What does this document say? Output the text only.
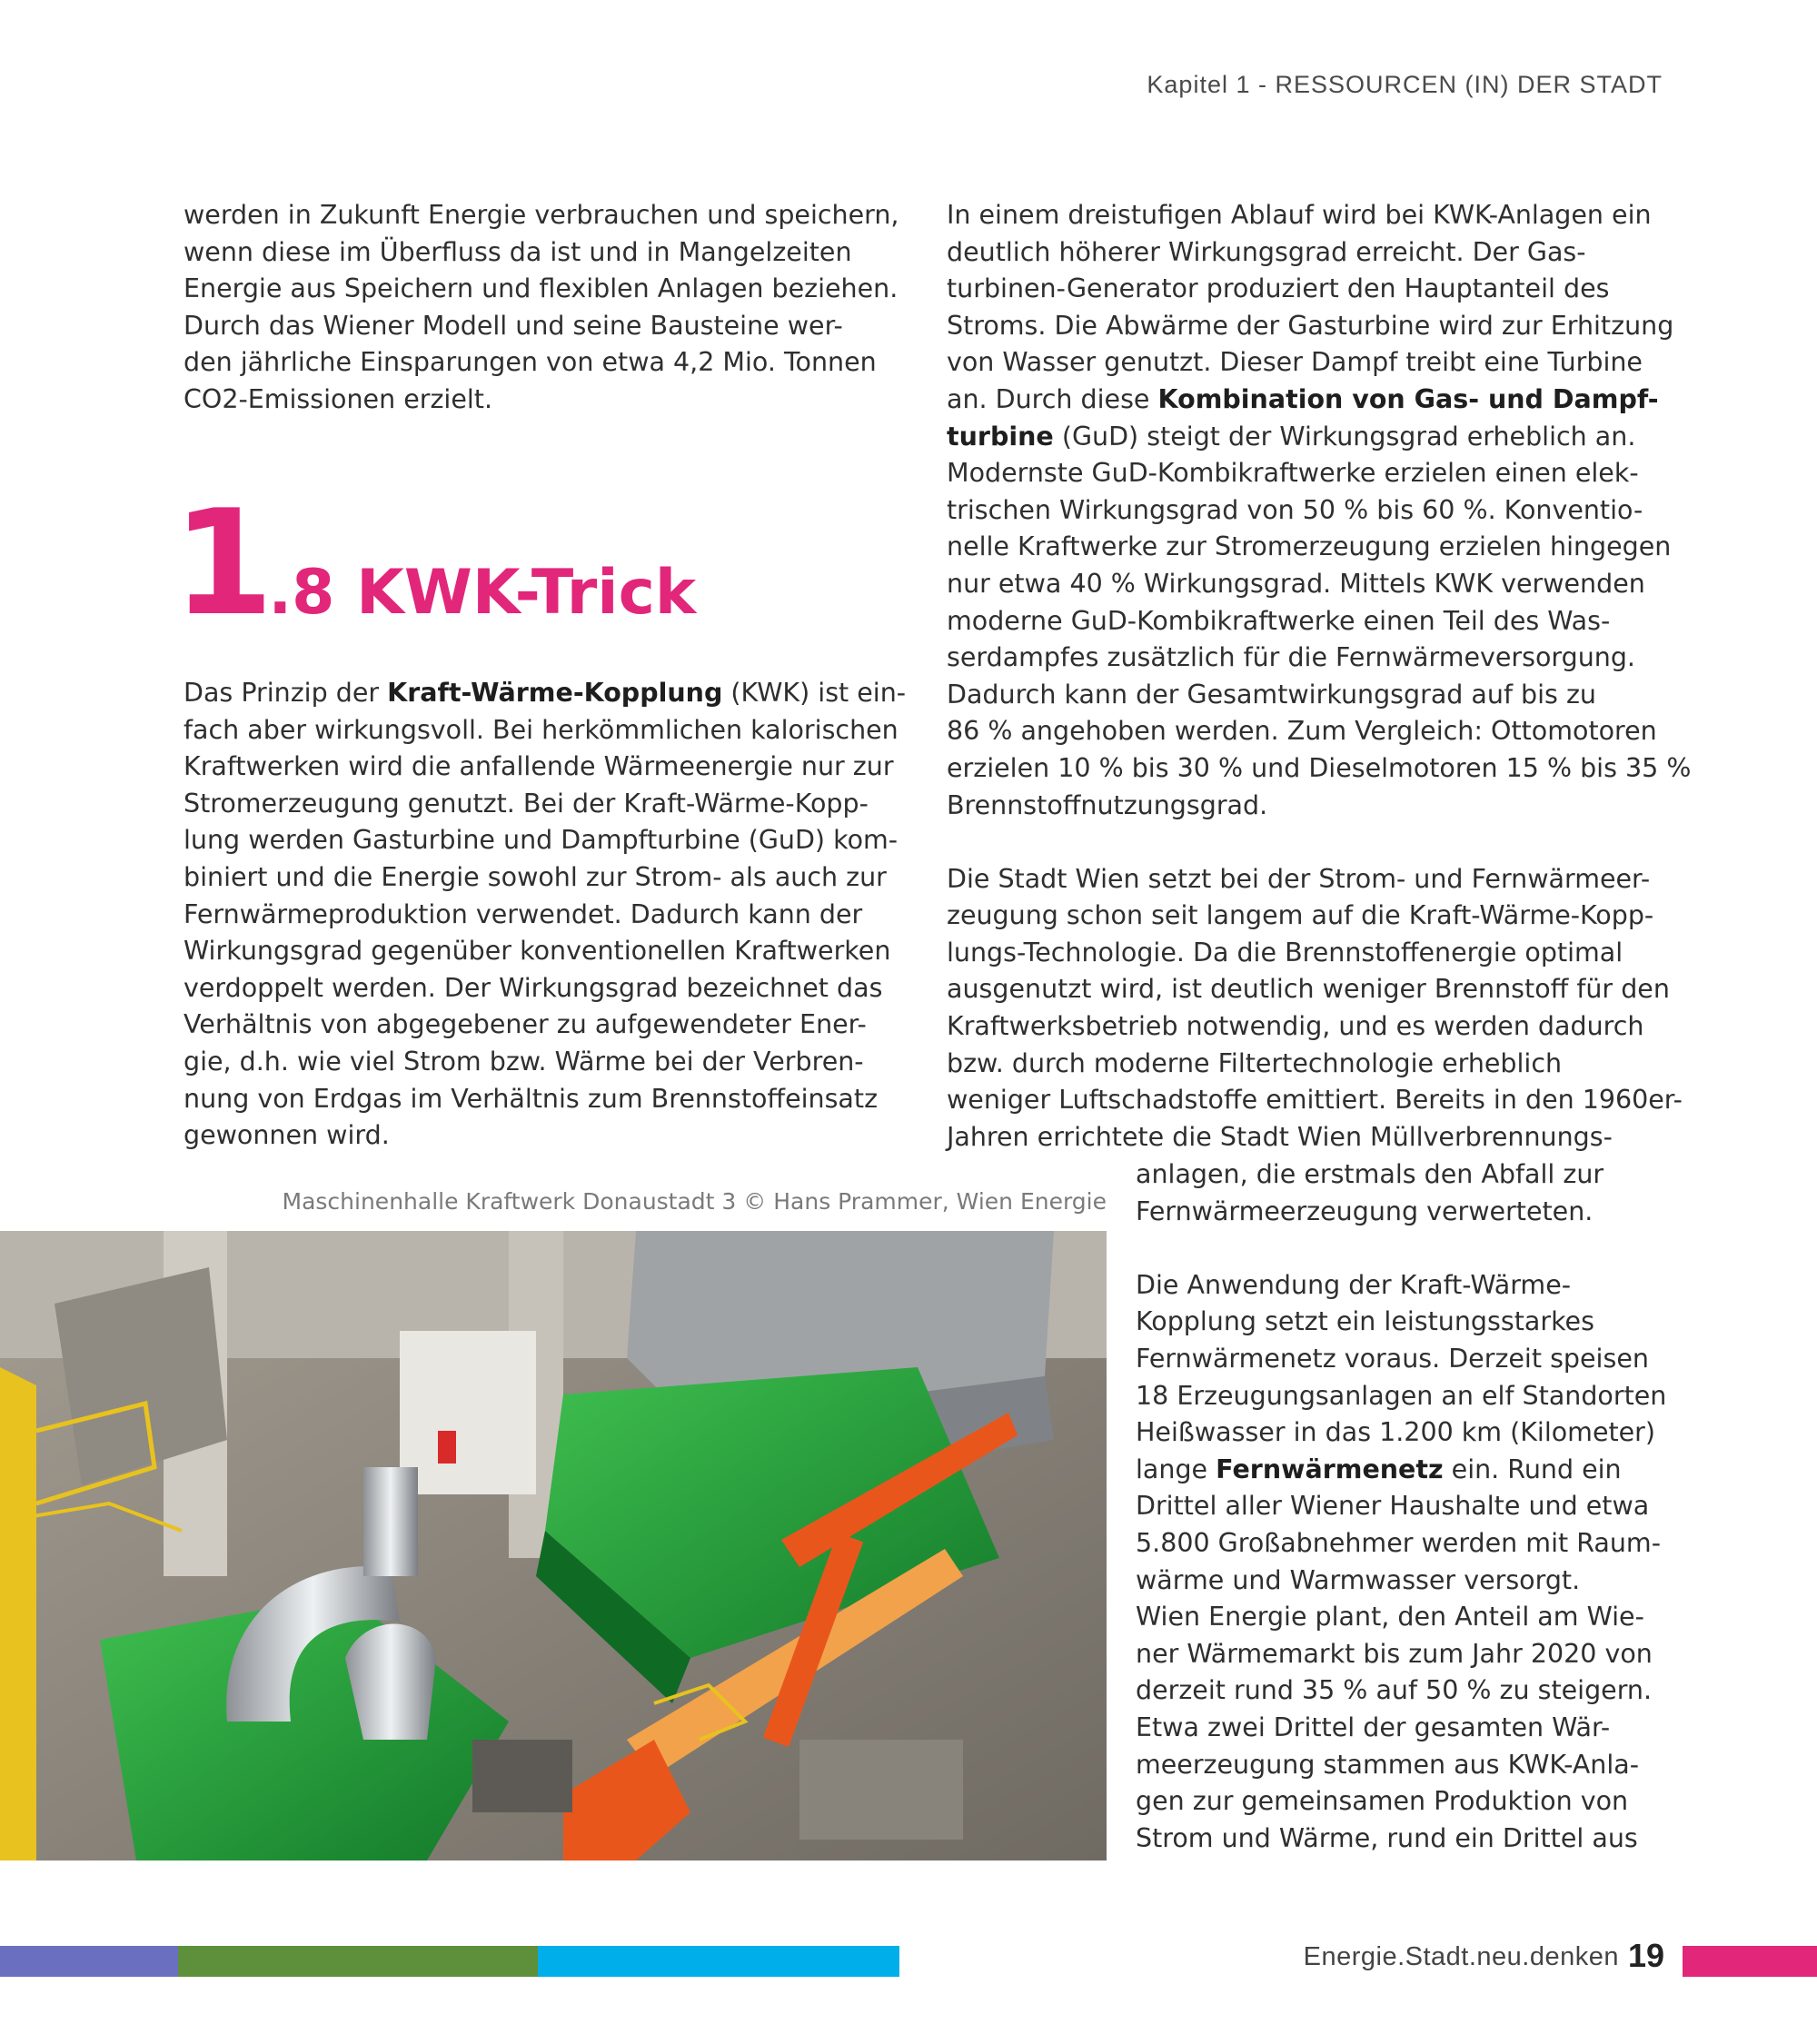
Kapitel 1 - RESSOURCEN (IN) DER STADT
werden in Zukunft Energie verbrauchen und speichern,
wenn diese im Überfluss da ist und in Mangelzeiten
Energie aus Speichern und flexiblen Anlagen beziehen.
Durch das Wiener Modell und seine Bausteine wer-
den jährliche Einsparungen von etwa 4,2 Mio. Tonnen
CO2-Emissionen erzielt.
1.8 KWK-Trick
Das Prinzip der Kraft-Wärme-Kopplung (KWK) ist ein-
fach aber wirkungsvoll. Bei herkömmlichen kalorischen
Kraftwerken wird die anfallende Wärmeenergie nur zur
Stromerzeugung genutzt. Bei der Kraft-Wärme-Kopp-
lung werden Gasturbine und Dampfturbine (GuD) kom-
biniert und die Energie sowohl zur Strom- als auch zur
Fernwärmeproduktion verwendet. Dadurch kann der
Wirkungsgrad gegenüber konventionellen Kraftwerken
verdoppelt werden. Der Wirkungsgrad bezeichnet das
Verhältnis von abgegebener zu aufgewendeter Ener-
gie, d.h. wie viel Strom bzw. Wärme bei der Verbren-
nung von Erdgas im Verhältnis zum Brennstoffeinsatz
gewonnen wird.
In einem dreistufigen Ablauf wird bei KWK-Anlagen ein
deutlich höherer Wirkungsgrad erreicht. Der Gas-
turbinen-Generator produziert den Hauptanteil des
Stroms. Die Abwärme der Gasturbine wird zur Erhitzung
von Wasser genutzt. Dieser Dampf treibt eine Turbine
an. Durch diese Kombination von Gas- und Dampf-
turbine (GuD) steigt der Wirkungsgrad erheblich an.
Modernste GuD-Kombikraftwerke erzielen einen elek-
trischen Wirkungsgrad von 50 % bis 60 %. Konventio-
nelle Kraftwerke zur Stromerzeugung erzielen hingegen
nur etwa 40 % Wirkungsgrad. Mittels KWK verwenden
moderne GuD-Kombikraftwerke einen Teil des Was-
serdampfes zusätzlich für die Fernwärmeversorgung.
Dadurch kann der Gesamtwirkungsgrad auf bis zu
86 % angehoben werden. Zum Vergleich: Ottomotoren
erzielen 10 % bis 30 % und Dieselmotoren 15 % bis 35 %
Brennstoffnutzungsgrad.
Die Stadt Wien setzt bei der Strom- und Fernwärmeer-
zeugung schon seit langem auf die Kraft-Wärme-Kopp-
lungs-Technologie. Da die Brennstoffenergie optimal
ausgenutzt wird, ist deutlich weniger Brennstoff für den
Kraftwerksbetrieb notwendig, und es werden dadurch
bzw. durch moderne Filtertechnologie erheblich
weniger Luftschadstoffe emittiert. Bereits in den 1960er-
Jahren errichtete die Stadt Wien Müllverbrennungs-
anlagen, die erstmals den Abfall zur
Fernwärmeerzeugung verwerteten.
Die Anwendung der Kraft-Wärme-
Kopplung setzt ein leistungsstarkes
Fernwärmenetz voraus. Derzeit speisen
18 Erzeugungsanlagen an elf Standorten
Heißwasser in das 1.200 km (Kilometer)
lange Fernwärmenetz ein. Rund ein
Drittel aller Wiener Haushalte und etwa
5.800 Großabnehmer werden mit Raum-
wärme und Warmwasser versorgt.
Wien Energie plant, den Anteil am Wie-
ner Wärmemarkt bis zum Jahr 2020 von
derzeit rund 35 % auf 50 % zu steigern.
Etwa zwei Drittel der gesamten Wär-
meerzeugung stammen aus KWK-Anla-
gen zur gemeinsamen Produktion von
Strom und Wärme, rund ein Drittel aus
Maschinenhalle Kraftwerk Donaustadt 3 © Hans Prammer, Wien Energie
Energie.Stadt.neu.denken 19
